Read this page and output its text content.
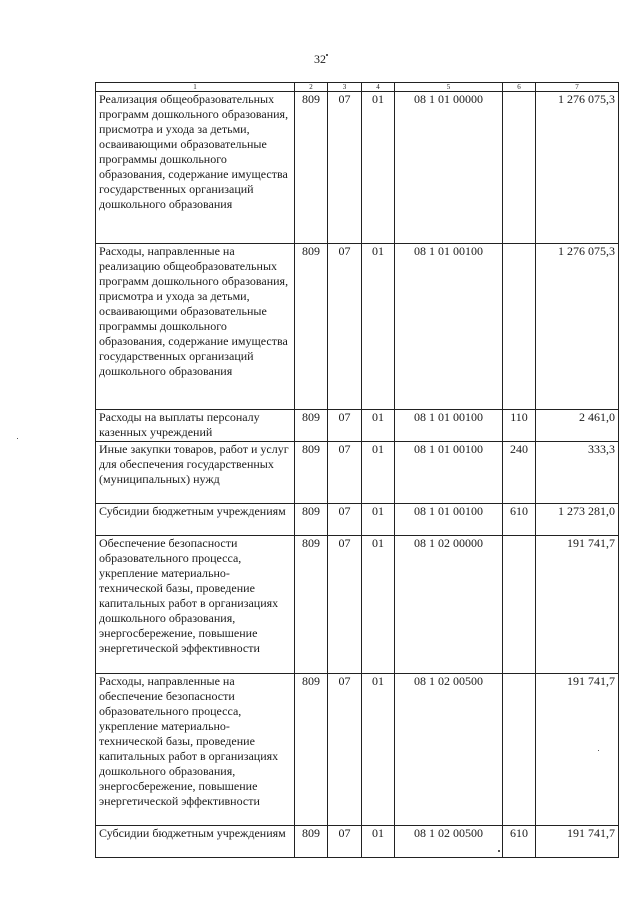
32
1	2	3	4	5	6	7
Реализация общеобразовательных программ дошкольного образования, присмотра и ухода за детьми, осваивающими образовательные программы дошкольного образования, содержание имущества государственных организаций дошкольного образования	809	07	01	08 1 01 00000		1 276 075,3
Расходы, направленные на реализацию общеобразовательных программ дошкольного образования, присмотра и ухода за детьми, осваивающими образовательные программы дошкольного образования, содержание имущества государственных организаций дошкольного образования	809	07	01	08 1 01 00100		1 276 075,3
Расходы на выплаты персоналу казенных учреждений	809	07	01	08 1 01 00100	110	2 461,0
Иные закупки товаров, работ и услуг для обеспечения государственных (муниципальных) нужд	809	07	01	08 1 01 00100	240	333,3
Субсидии бюджетным учреждениям	809	07	01	08 1 01 00100	610	1 273 281,0
Обеспечение безопасности образовательного процесса, укрепление материально-технической базы, проведение капитальных работ в организациях дошкольного образования, энергосбережение, повышение энергетической эффективности	809	07	01	08 1 02 00000		191 741,7
Расходы, направленные на обеспечение безопасности образовательного процесса, укрепление материально-технической базы, проведение капитальных работ в организациях дошкольного образования, энергосбережение, повышение энергетической эффективности	809	07	01	08 1 02 00500		191 741,7
Субсидии бюджетным учреждениям	809	07	01	08 1 02 00500	610	191 741,7
